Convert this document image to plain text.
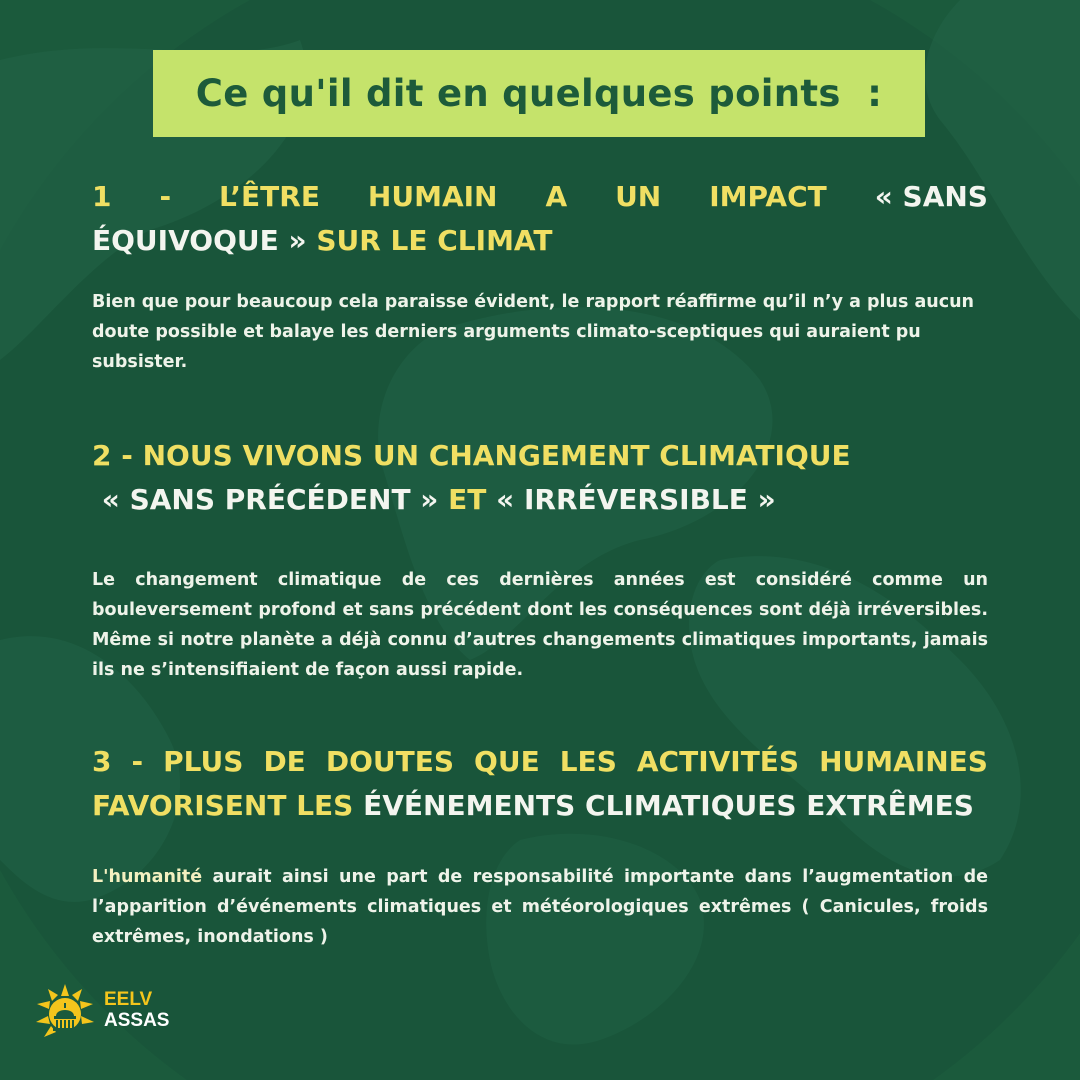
Ce qu'il dit en quelques points  :
1 - L’ÊTRE HUMAIN A UN IMPACT « SANS
ÉQUIVOQUE » SUR LE CLIMAT

Bien que pour beaucoup cela paraisse évident, le rapport réaffirme qu’il n’y a plus aucun doute possible et balaye les derniers arguments climato-sceptiques qui auraient pu subsister.

2 - NOUS VIVONS UN CHANGEMENT CLIMATIQUE
« SANS PRÉCÉDENT » ET « IRRÉVERSIBLE »

Le changement climatique de ces dernières années est considéré comme un bouleversement profond et sans précédent dont les conséquences sont déjà irréversibles. Même si notre planète a déjà connu d’autres changements climatiques importants, jamais ils ne s’intensifiaient de façon aussi rapide.

3 - PLUS DE DOUTES QUE LES ACTIVITÉS HUMAINES
FAVORISENT LES ÉVÉNEMENTS CLIMATIQUES EXTRÊMES

L'humanité aurait ainsi une part de responsabilité importante dans l’augmentation de l’apparition d’événements climatiques et météorologiques extrêmes ( Canicules, froids extrêmes, inondations )

EELV
ASSAS
